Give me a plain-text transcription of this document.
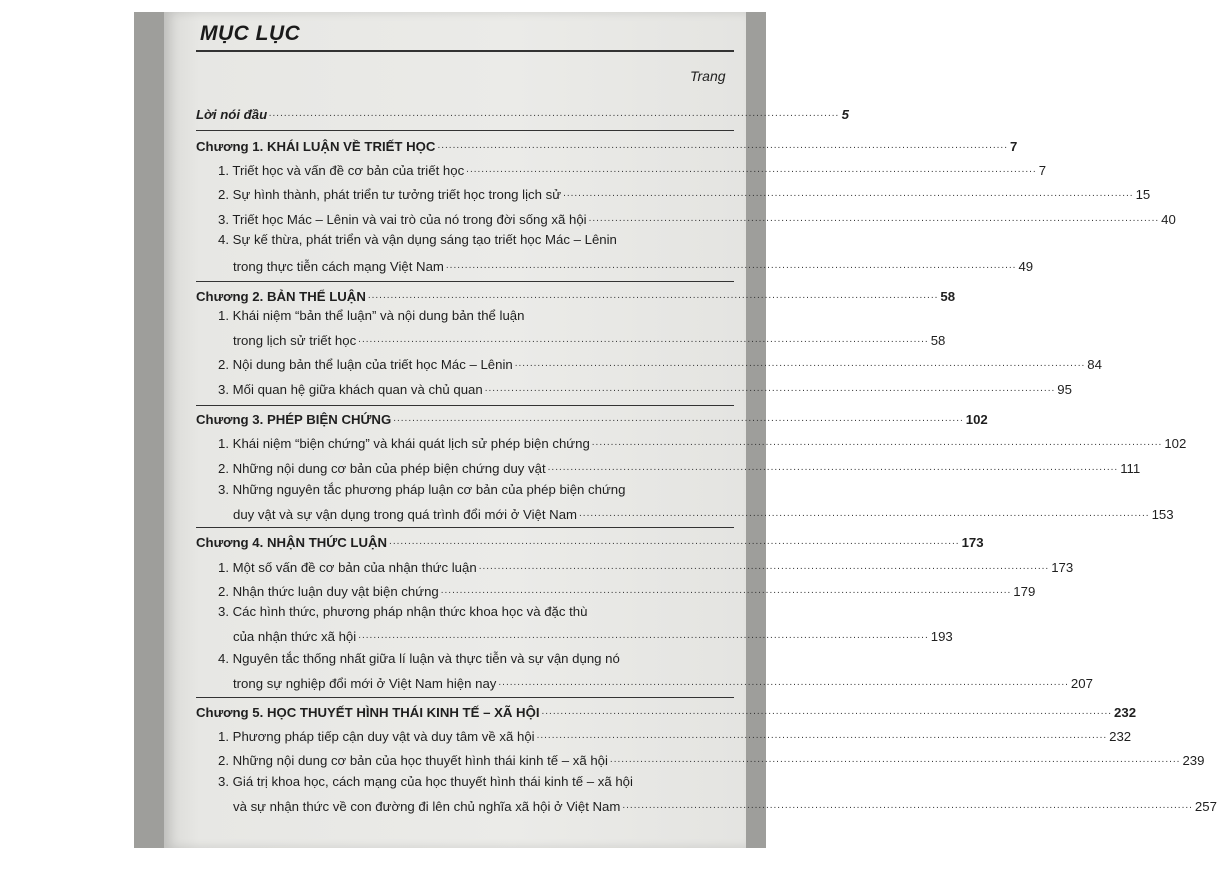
MỤC LỤC
Trang
Lời nói đầu ....................................................................................................................................................... 5
Chương 1. KHÁI LUẬN VỀ TRIẾT HỌC ....................................................................................................................................................... 7
1. Triết học và vấn đề cơ bản của triết học ....................................................................................................................................................... 7
2. Sự hình thành, phát triển tư tưởng triết học trong lịch sử ....................................................................................................................................................... 15
3. Triết học Mác – Lênin và vai trò của nó trong đời sống xã hội ....................................................................................................................................................... 40
4. Sự kế thừa, phát triển và vận dụng sáng tạo triết học Mác – Lênin
trong thực tiễn cách mạng Việt Nam ....................................................................................................................................................... 49
Chương 2. BẢN THỂ LUẬN ....................................................................................................................................................... 58
1. Khái niệm “bản thể luận” và nội dung bản thể luận
trong lịch sử triết học ....................................................................................................................................................... 58
2. Nội dung bản thể luận của triết học Mác – Lênin ....................................................................................................................................................... 84
3. Mối quan hệ giữa khách quan và chủ quan ....................................................................................................................................................... 95
Chương 3. PHÉP BIỆN CHỨNG ....................................................................................................................................................... 102
1. Khái niệm “biện chứng” và khái quát lịch sử phép biện chứng ....................................................................................................................................................... 102
2. Những nội dung cơ bản của phép biện chứng duy vật ....................................................................................................................................................... 111
3. Những nguyên tắc phương pháp luận cơ bản của phép biện chứng
duy vật và sự vận dụng trong quá trình đổi mới ở Việt Nam ....................................................................................................................................................... 153
Chương 4. NHẬN THỨC LUẬN ....................................................................................................................................................... 173
1. Một số vấn đề cơ bản của nhận thức luận ....................................................................................................................................................... 173
2. Nhận thức luận duy vật biện chứng ....................................................................................................................................................... 179
3. Các hình thức, phương pháp nhận thức khoa học và đặc thù
của nhận thức xã hội ....................................................................................................................................................... 193
4. Nguyên tắc thống nhất giữa lí luận và thực tiễn và sự vận dụng nó
trong sự nghiệp đổi mới ở Việt Nam hiện nay ....................................................................................................................................................... 207
Chương 5. HỌC THUYẾT HÌNH THÁI KINH TẾ – XÃ HỘI ....................................................................................................................................................... 232
1. Phương pháp tiếp cận duy vật và duy tâm về xã hội ....................................................................................................................................................... 232
2. Những nội dung cơ bản của học thuyết hình thái kinh tế – xã hội ....................................................................................................................................................... 239
3. Giá trị khoa học, cách mạng của học thuyết hình thái kinh tế – xã hội
và sự nhận thức về con đường đi lên chủ nghĩa xã hội ở Việt Nam ....................................................................................................................................................... 257
